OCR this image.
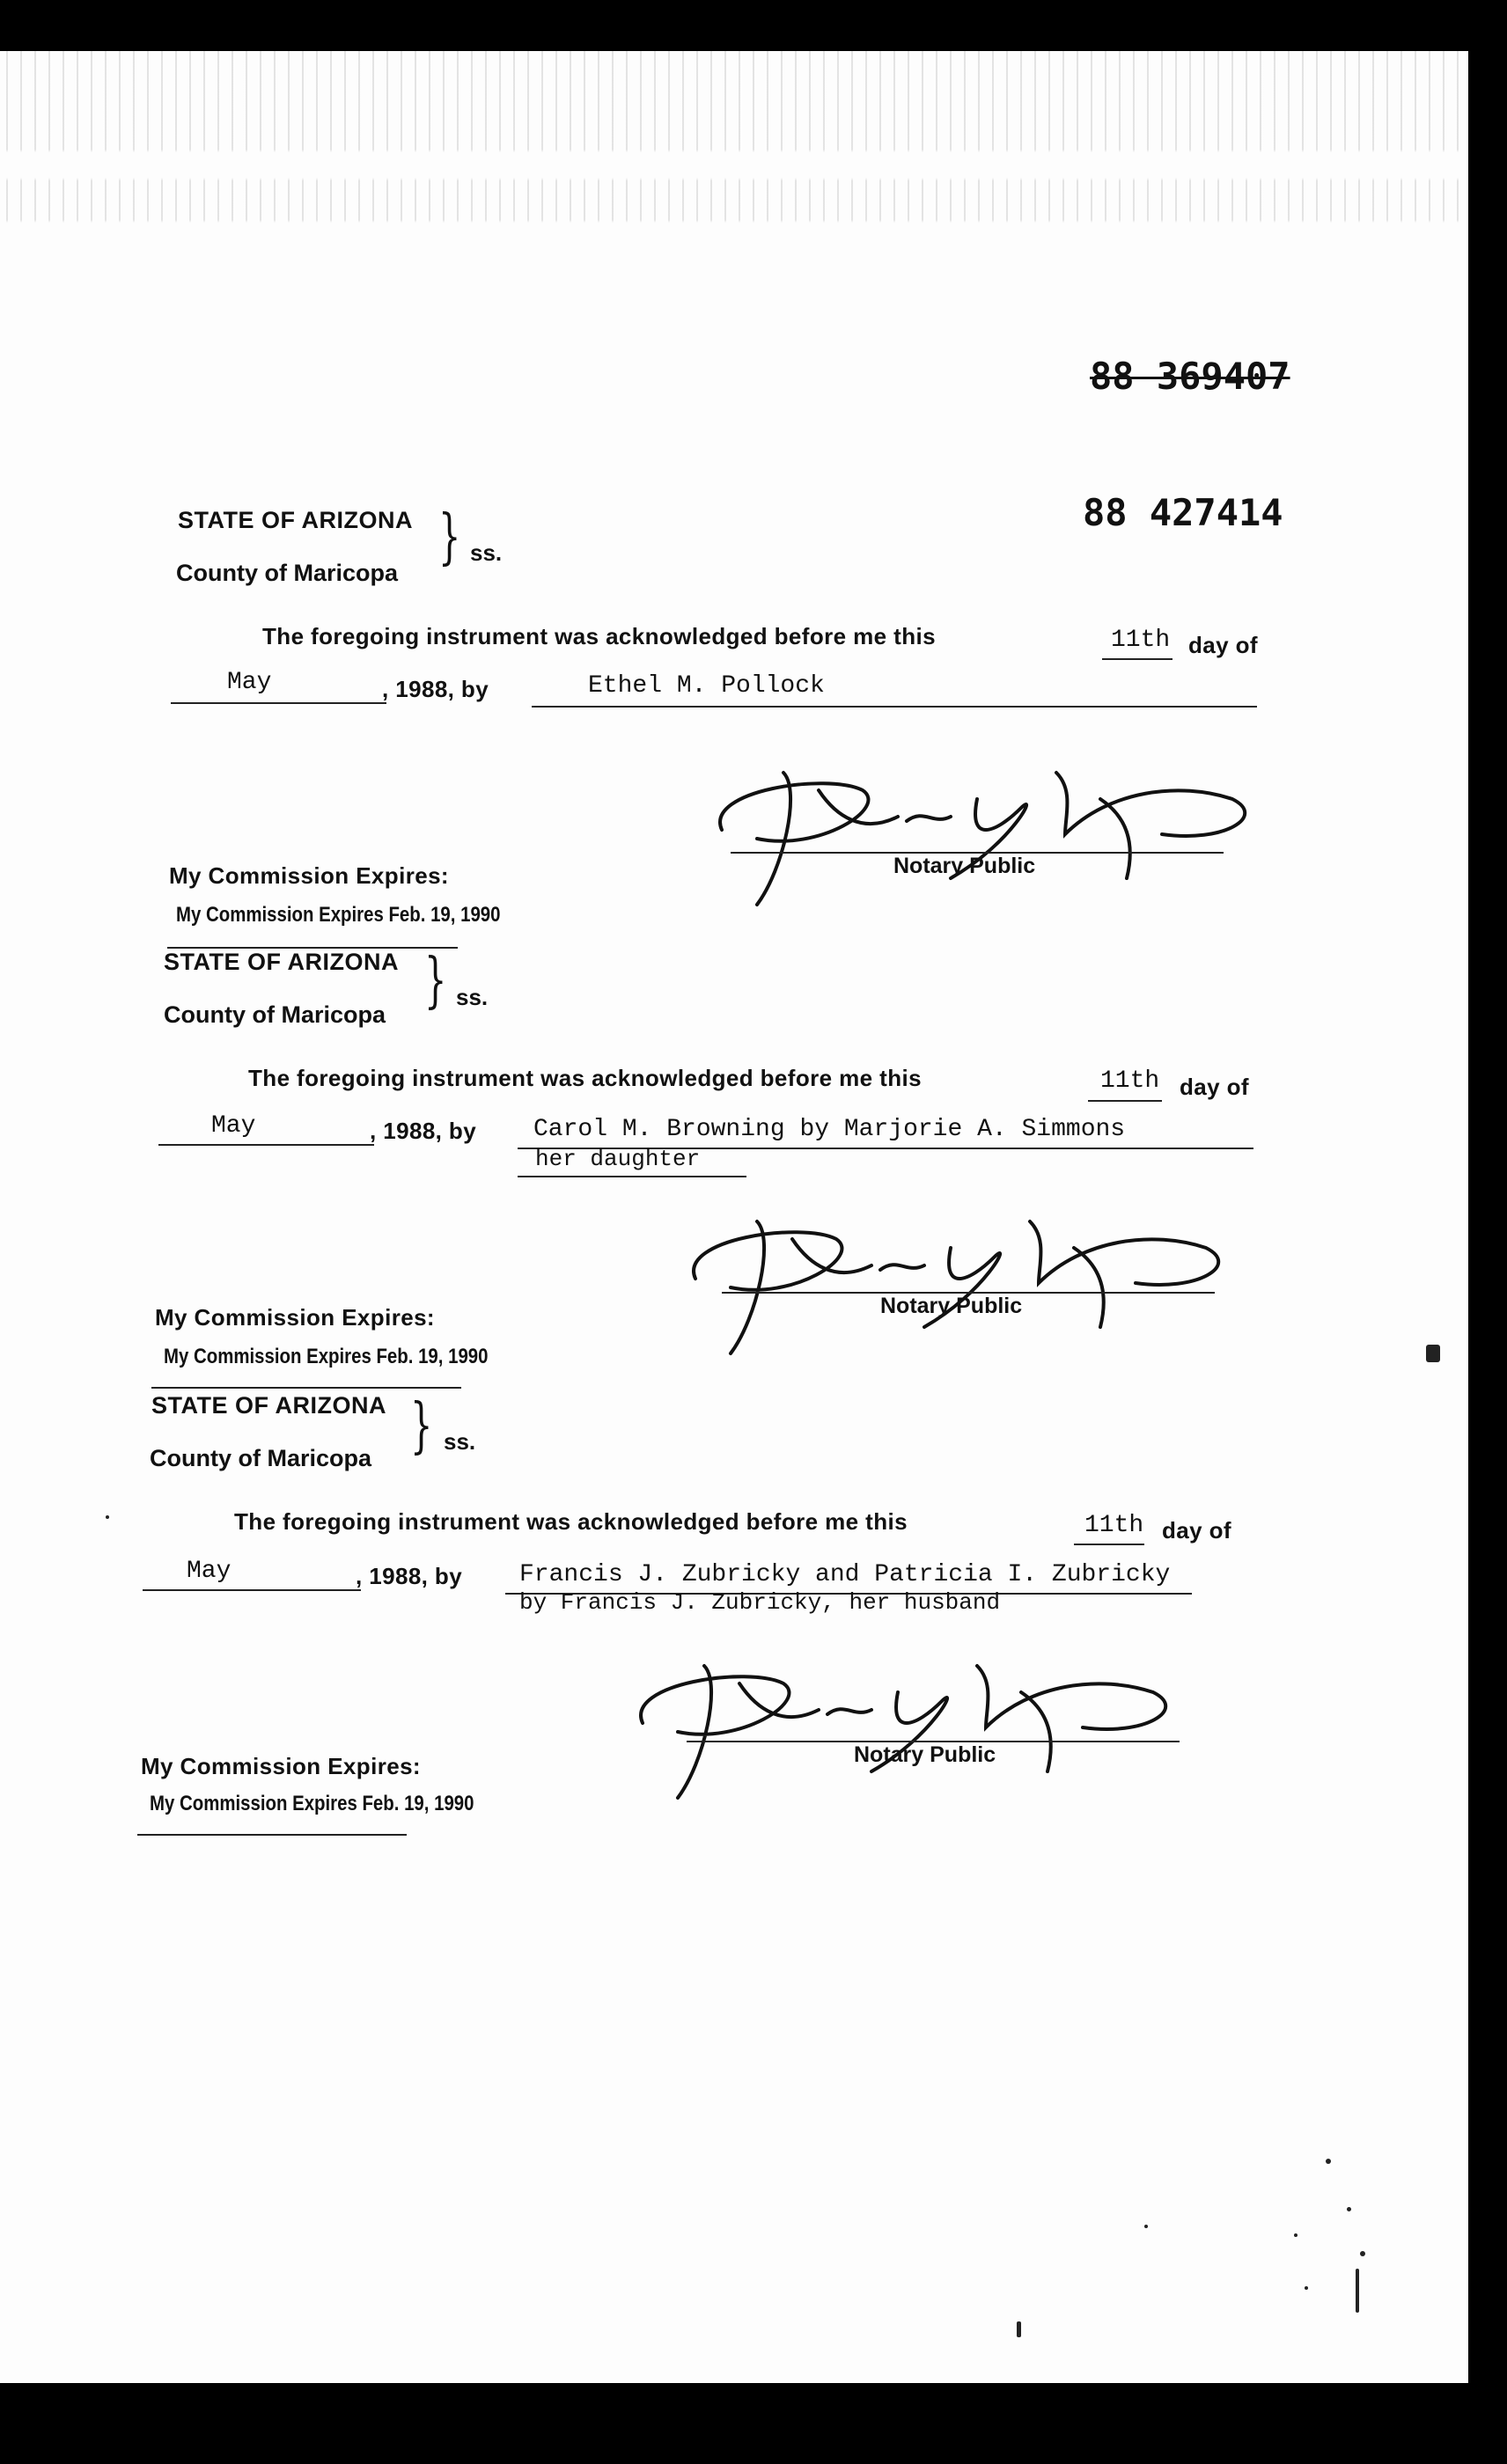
88 369407
88 427414
STATE OF ARIZONA
County of Maricopa
} ss.
The foregoing instrument was acknowledged before me this	11th day of
May	, 1988, by	Ethel M. Pollock
Notary Public
My Commission Expires:
My Commission Expires Feb. 19, 1990
STATE OF ARIZONA
County of Maricopa } ss.
The foregoing instrument was acknowledged before me this	11th day of
May	, 1988, by Carol M. Browning by Marjorie A. Simmons
her daughter
Notary Public
My Commission Expires:
My Commission Expires Feb. 19, 1990
STATE OF ARIZONA
County of Maricopa } ss.
The foregoing instrument was acknowledged before me this	11th day of
May	, 1988, by Francis J. Zubricky and Patricia I. Zubricky
by Francis J. Zubricky, her husband
Notary Public
My Commission Expires:
My Commission Expires Feb. 19, 1990
